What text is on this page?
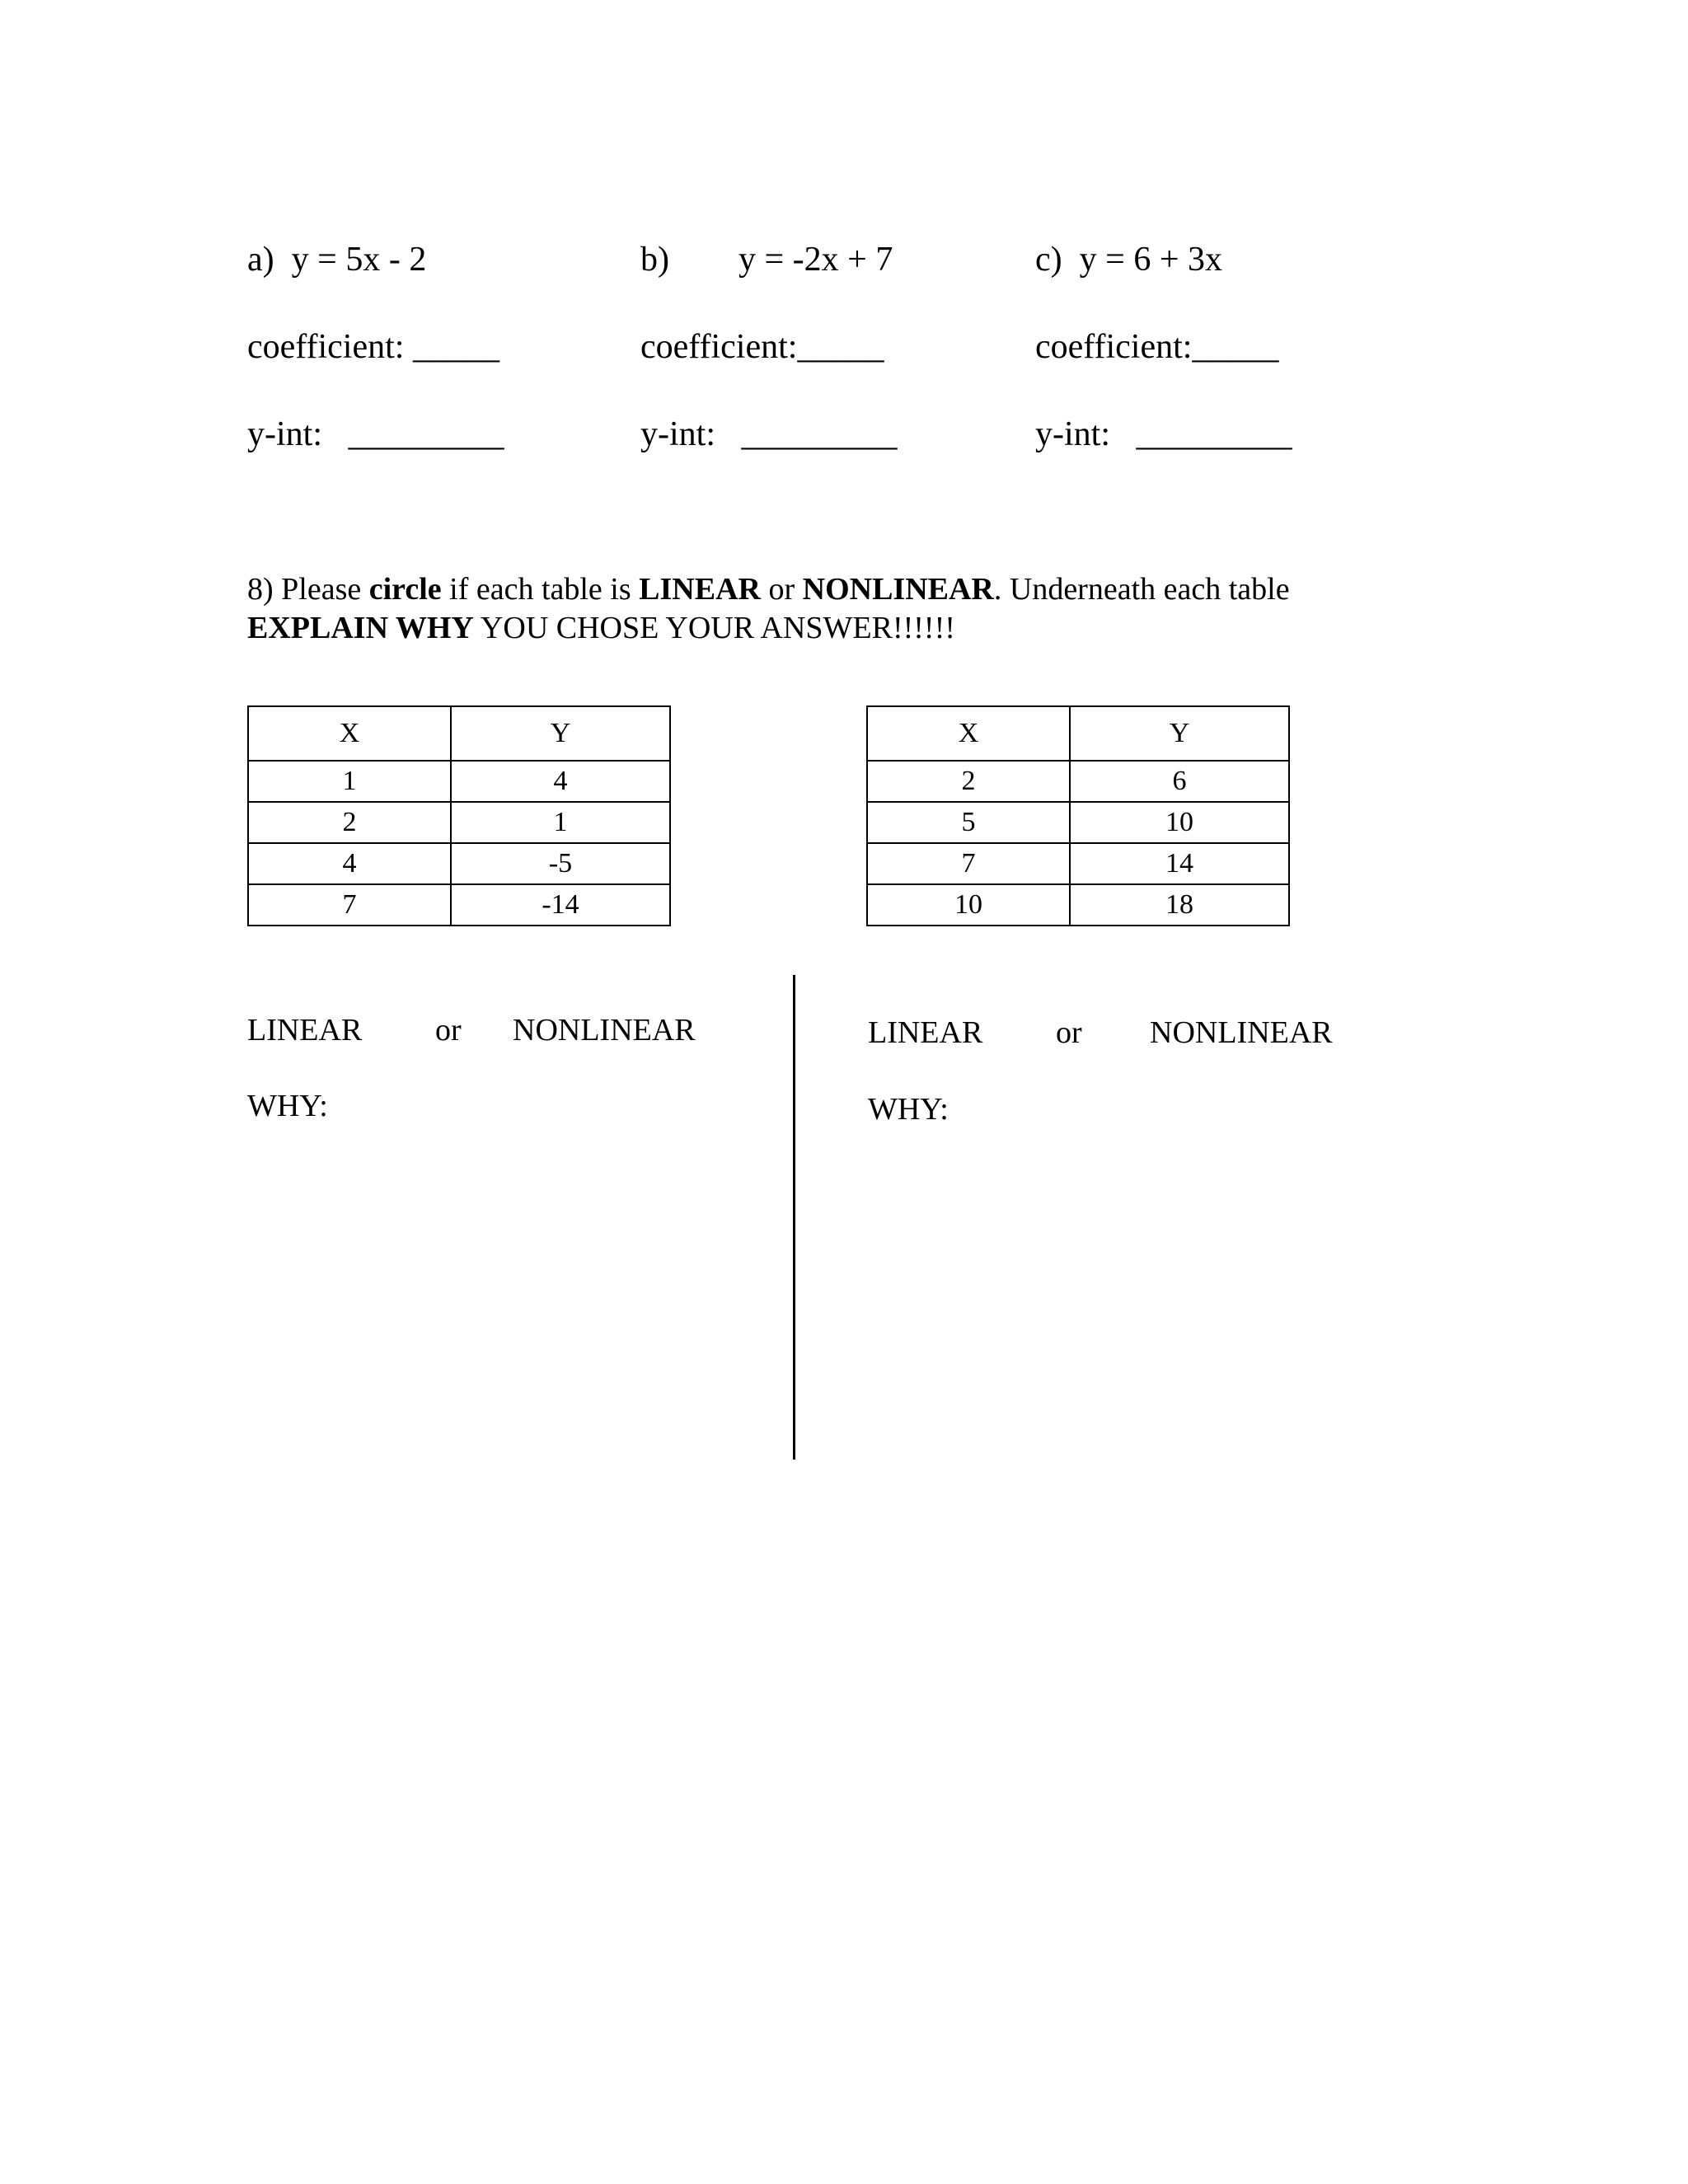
a) y = 5x - 2
coefficient: _____
y-int: _________
b) y = -2x + 7
coefficient:_____
y-int: _________
c) y = 6 + 3x
coefficient:_____
y-int: _________
8) Please circle if each table is LINEAR or NONLINEAR. Underneath each table
EXPLAIN WHY YOU CHOSE YOUR ANSWER!!!!!!
X	Y
1	4
2	1
4	-5
7	-14
X	Y
2	6
5	10
7	14
10	18
LINEAR or NONLINEAR
WHY:
LINEAR or NONLINEAR
WHY:
